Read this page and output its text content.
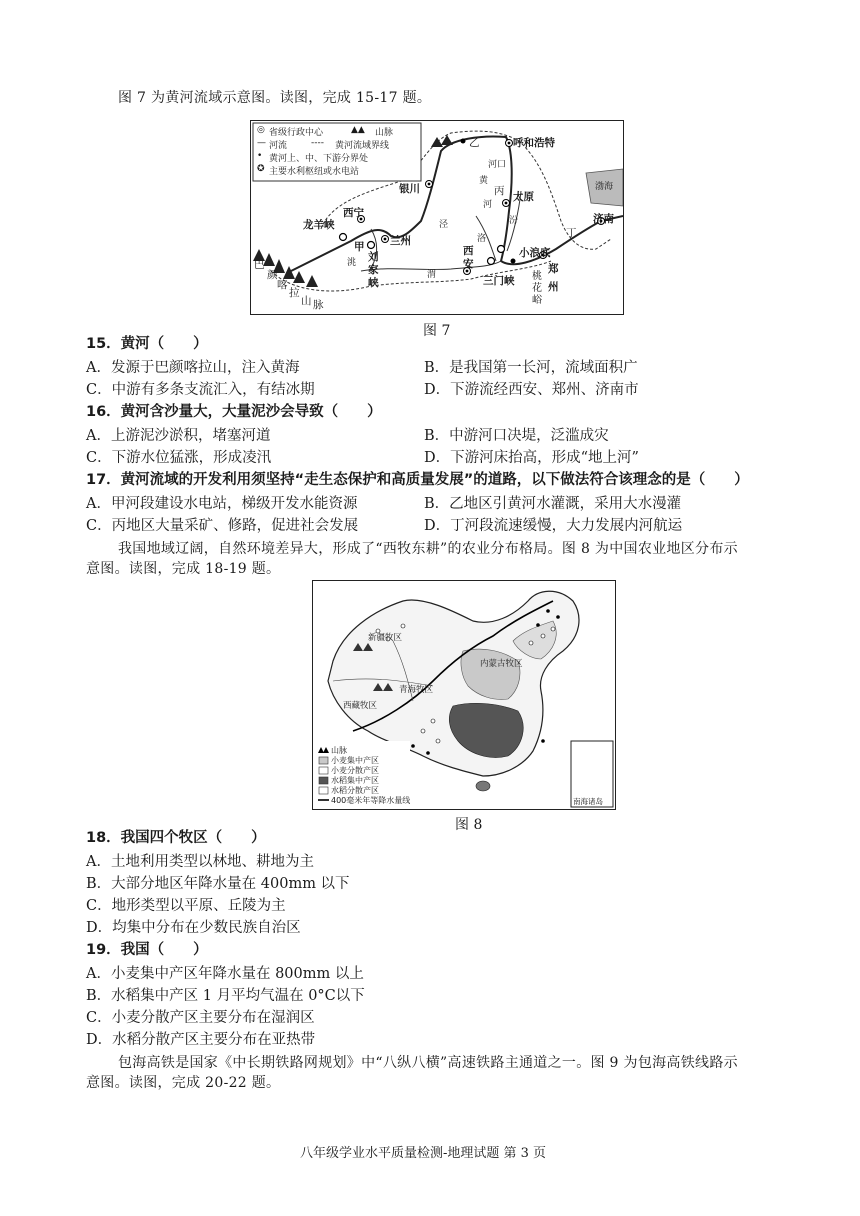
图 7 为黄河流域示意图。读图，完成 15-17 题。
◎ 省级行政中心	▲▲ 山脉
— 河流	---- 黄河流域界线
• 黄河上、中、下游分界处
✪ 主要水利枢纽或水电站
呼和浩特
河口
银川
太原
渤海
济南
西宁
龙羊峡
兰州
刘
家
峡
甲
乙
丙
丁
小浪底
西
安
三门峡
郑
州
桃
花
峪
黄
河
汾
渭
洮
泾
洛
巴
颜
喀
拉
山 脉
图 7
15．黄河（　　）
A．发源于巴颜喀拉山，注入黄海	B．是我国第一长河，流域面积广
C．中游有多条支流汇入，有结冰期	D．下游流经西安、郑州、济南市
16．黄河含沙量大，大量泥沙会导致（　　）
A．上游泥沙淤积，堵塞河道	B．中游河口决堤，泛滥成灾
C．下游水位猛涨，形成凌汛	D．下游河床抬高，形成“地上河”
17．黄河流域的开发利用须坚持“走生态保护和高质量发展”的道路，以下做法符合该理念的是（　　）
A．甲河段建设水电站，梯级开发水能资源	B．乙地区引黄河水灌溉，采用大水漫灌
C．丙地区大量采矿、修路，促进社会发展	D．丁河段流速缓慢，大力发展内河航运
我国地域辽阔，自然环境差异大，形成了“西牧东耕”的农业分布格局。图 8 为中国农业地区分布示
意图。读图，完成 18-19 题。
新疆牧区
内蒙古牧区
青海牧区
西藏牧区
南海诸岛
山脉
小麦集中产区
小麦分散产区
水稻集中产区
水稻分散产区
400毫米年等降水量线
图 8
18．我国四个牧区（　　）
A．土地利用类型以林地、耕地为主
B．大部分地区年降水量在 400mm 以下
C．地形类型以平原、丘陵为主
D．均集中分布在少数民族自治区
19．我国（　　）
A．小麦集中产区年降水量在 800mm 以上
B．水稻集中产区 1 月平均气温在 0°C以下
C．小麦分散产区主要分布在湿润区
D．水稻分散产区主要分布在亚热带
包海高铁是国家《中长期铁路网规划》中“八纵八横”高速铁路主通道之一。图 9 为包海高铁线路示
意图。读图，完成 20-22 题。
八年级学业水平质量检测-地理试题 第 3 页
